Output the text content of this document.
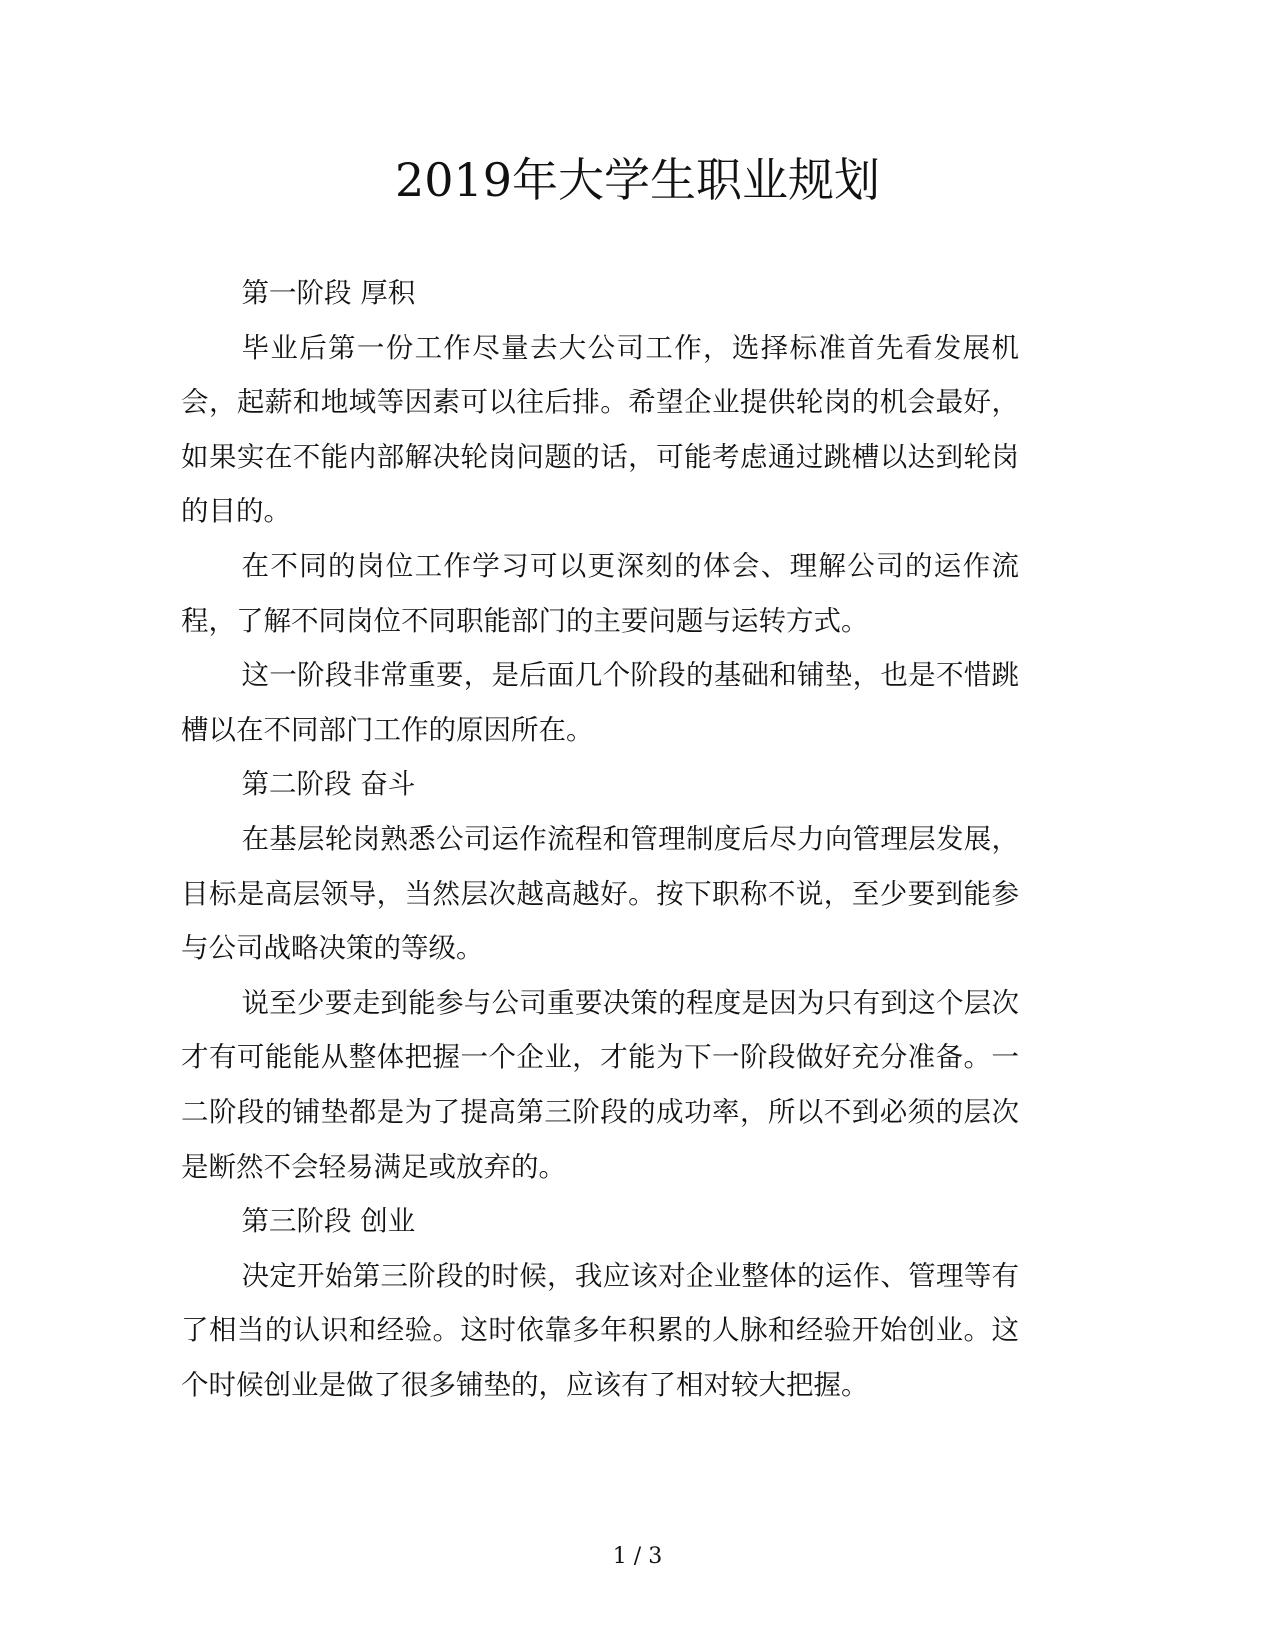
2019年大学生职业规划

第一阶段 厚积

毕业后第一份工作尽量去大公司工作，选择标准首先看发展机会，起薪和地域等因素可以往后排。希望企业提供轮岗的机会最好，如果实在不能内部解决轮岗问题的话，可能考虑通过跳槽以达到轮岗的目的。

在不同的岗位工作学习可以更深刻的体会、理解公司的运作流程，了解不同岗位不同职能部门的主要问题与运转方式。

这一阶段非常重要，是后面几个阶段的基础和铺垫，也是不惜跳槽以在不同部门工作的原因所在。

第二阶段 奋斗

在基层轮岗熟悉公司运作流程和管理制度后尽力向管理层发展，目标是高层领导，当然层次越高越好。按下职称不说，至少要到能参与公司战略决策的等级。

说至少要走到能参与公司重要决策的程度是因为只有到这个层次才有可能能从整体把握一个企业，才能为下一阶段做好充分准备。一二阶段的铺垫都是为了提高第三阶段的成功率，所以不到必须的层次是断然不会轻易满足或放弃的。

第三阶段 创业

决定开始第三阶段的时候，我应该对企业整体的运作、管理等有了相当的认识和经验。这时依靠多年积累的人脉和经验开始创业。这个时候创业是做了很多铺垫的，应该有了相对较大把握。

1 / 3
